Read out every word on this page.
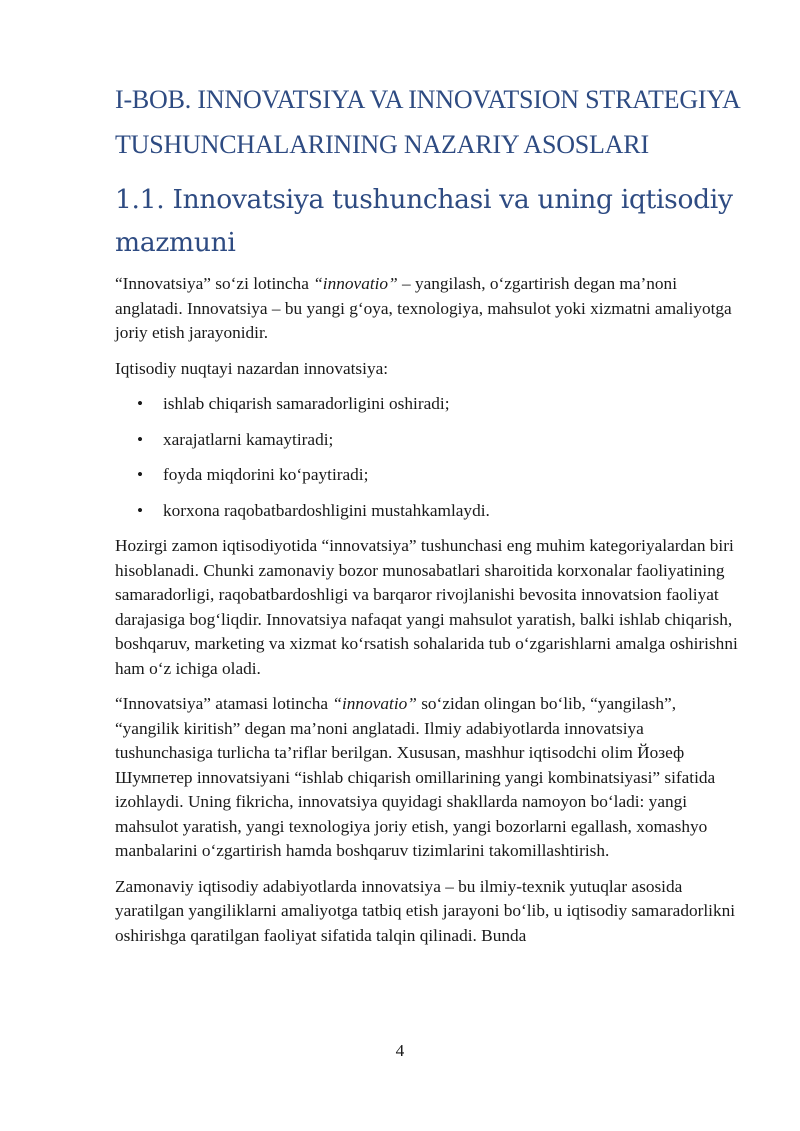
I-BOB. INNOVATSIYA VA INNOVATSION STRATEGIYA TUSHUNCHALARINING NAZARIY ASOSLARI
1.1. Innovatsiya tushunchasi va uning iqtisodiy mazmuni

“Innovatsiya” so‘zi lotincha “innovatio” – yangilash, o‘zgartirish degan ma’noni anglatadi. Innovatsiya – bu yangi g‘oya, texnologiya, mahsulot yoki xizmatni amaliyotga joriy etish jarayonidir.

Iqtisodiy nuqtayi nazardan innovatsiya:

• ishlab chiqarish samaradorligini oshiradi;
• xarajatlarni kamaytiradi;
• foyda miqdorini ko‘paytiradi;
• korxona raqobatbardoshligini mustahkamlaydi.

Hozirgi zamon iqtisodiyotida “innovatsiya” tushunchasi eng muhim kategoriyalardan biri hisoblanadi. Chunki zamonaviy bozor munosabatlari sharoitida korxonalar faoliyatining samaradorligi, raqobatbardoshligi va barqaror rivojlanishi bevosita innovatsion faoliyat darajasiga bog‘liqdir. Innovatsiya nafaqat yangi mahsulot yaratish, balki ishlab chiqarish, boshqaruv, marketing va xizmat ko‘rsatish sohalarida tub o‘zgarishlarni amalga oshirishni ham o‘z ichiga oladi.

“Innovatsiya” atamasi lotincha “innovatio” so‘zidan olingan bo‘lib, “yangilash”, “yangilik kiritish” degan ma’noni anglatadi. Ilmiy adabiyotlarda innovatsiya tushunchasiga turlicha ta’riflar berilgan. Xususan, mashhur iqtisodchi olim Йозеф Шумпетер innovatsiyani “ishlab chiqarish omillarining yangi kombinatsiyasi” sifatida izohlaydi. Uning fikricha, innovatsiya quyidagi shakllarda namoyon bo‘ladi: yangi mahsulot yaratish, yangi texnologiya joriy etish, yangi bozorlarni egallash, xomashyo manbalarini o‘zgartirish hamda boshqaruv tizimlarini takomillashtirish.

Zamonaviy iqtisodiy adabiyotlarda innovatsiya – bu ilmiy-texnik yutuqlar asosida yaratilgan yangiliklarni amaliyotga tatbiq etish jarayoni bo‘lib, u iqtisodiy samaradorlikni oshirishga qaratilgan faoliyat sifatida talqin qilinadi. Bunda

4
